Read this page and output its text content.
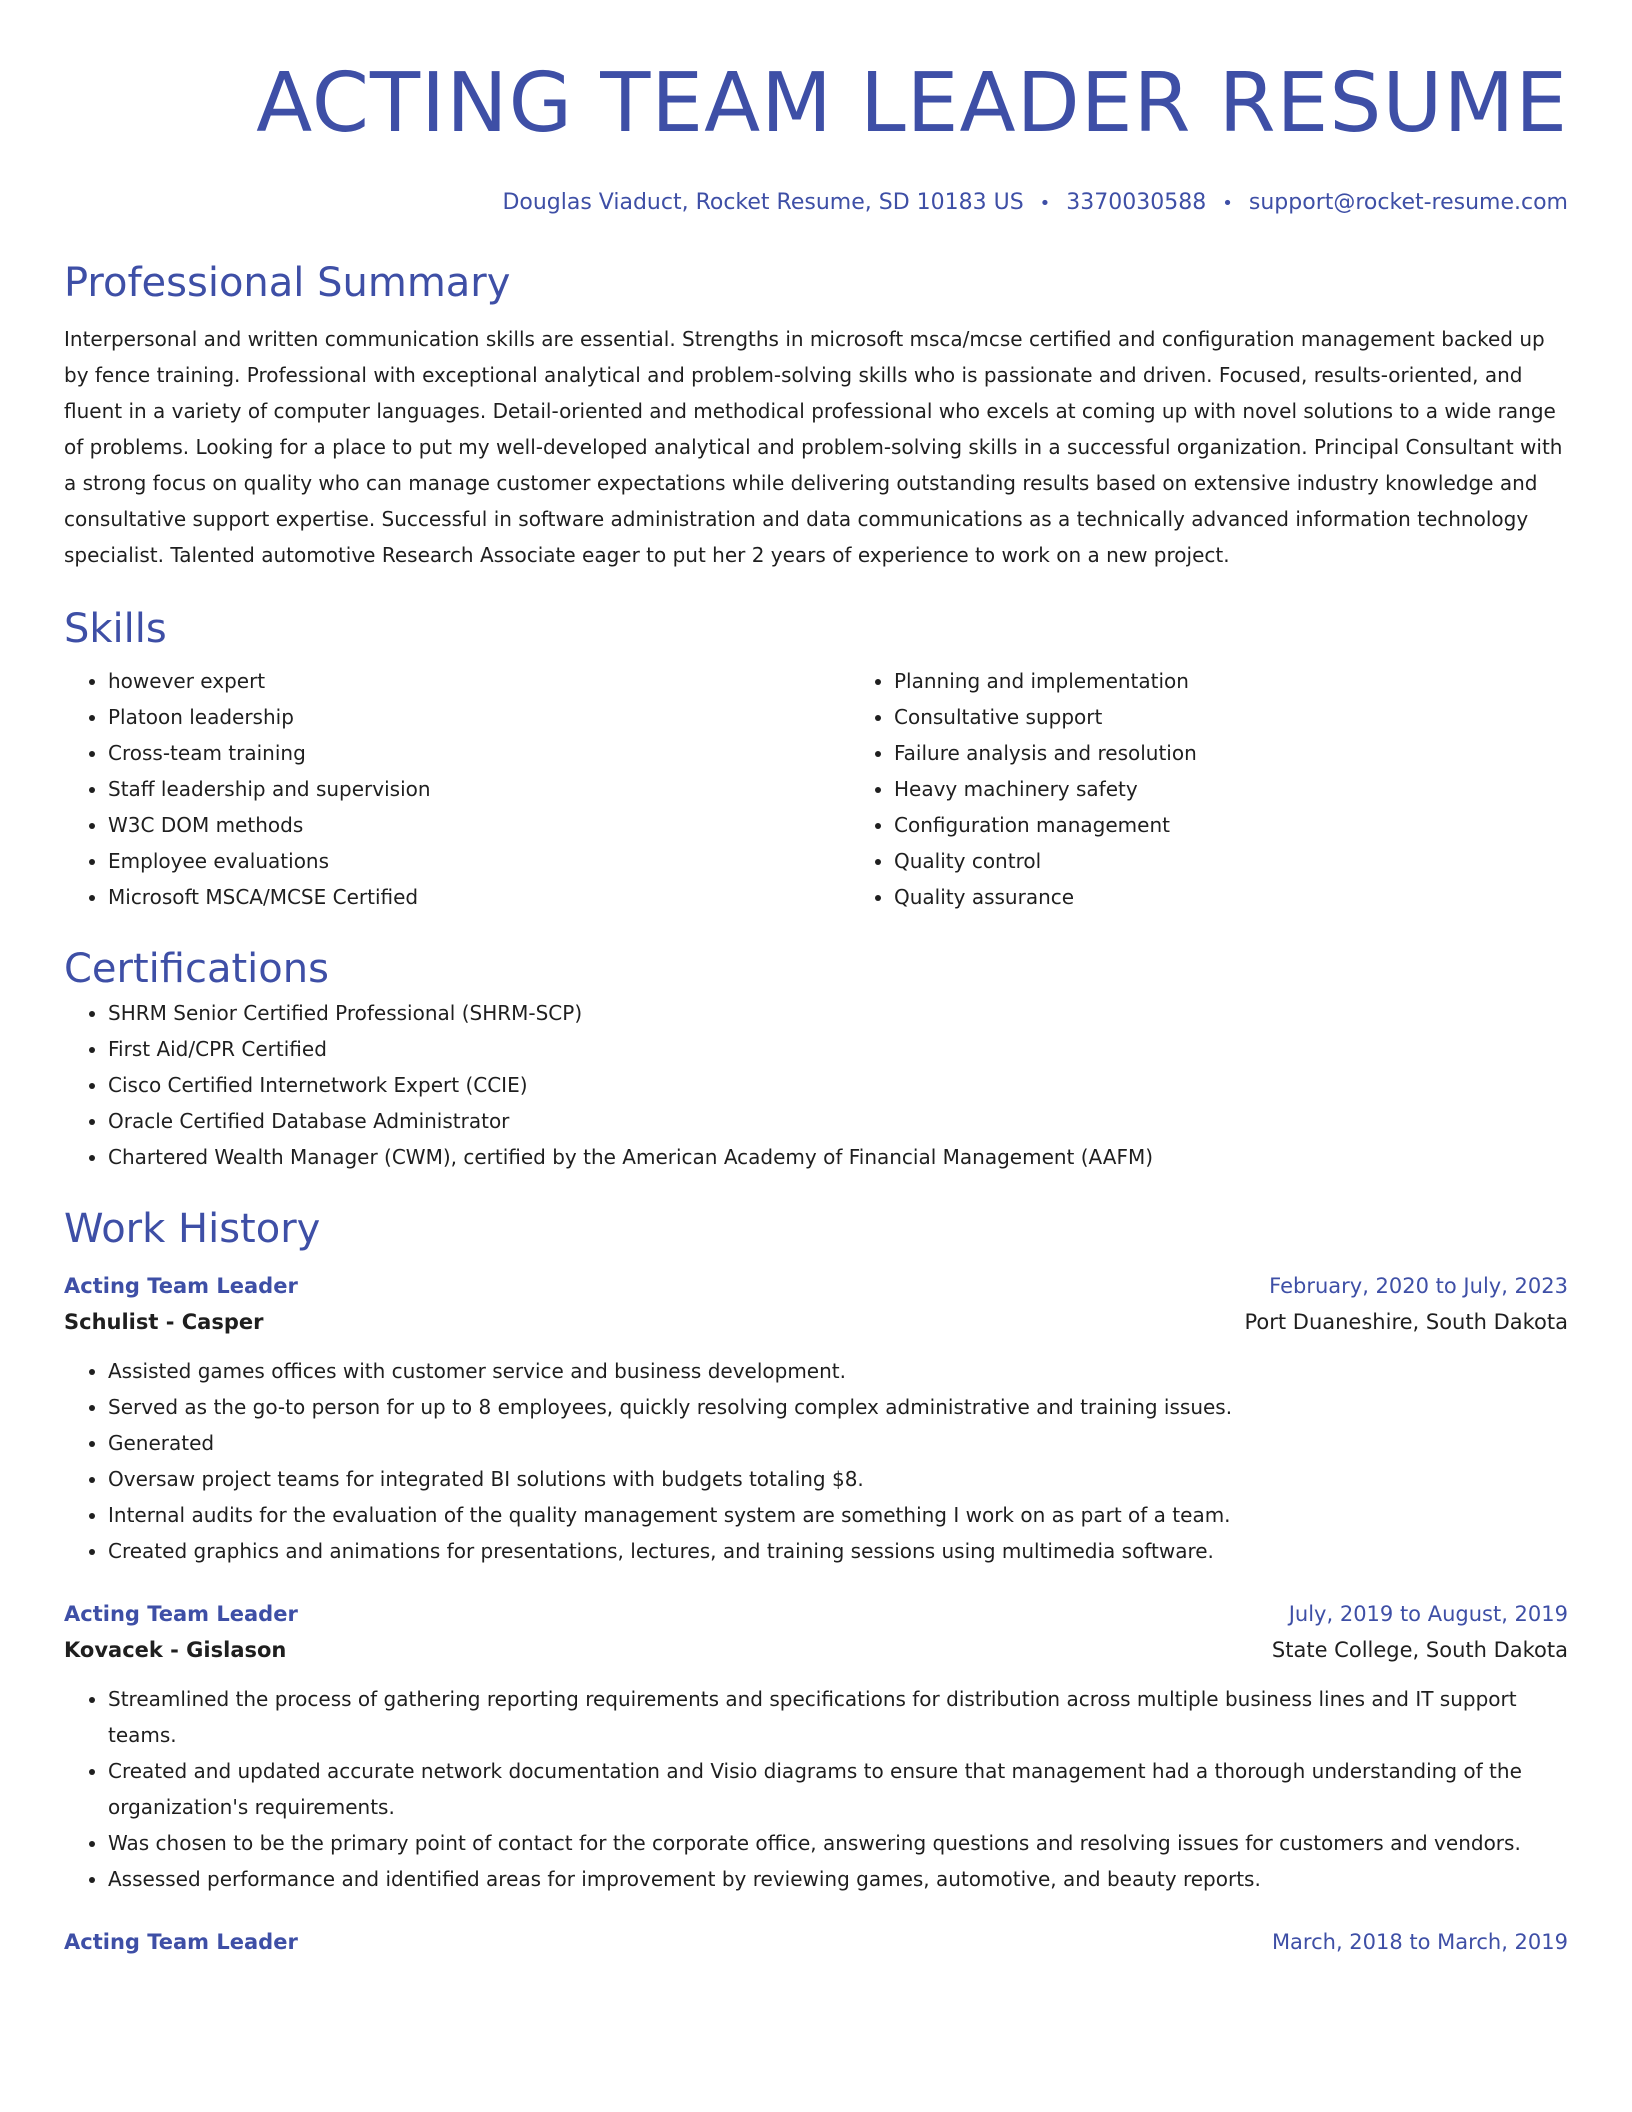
ACTING TEAM LEADER RESUME
Douglas Viaduct, Rocket Resume, SD 10183 US • 3370030588 • support@rocket-resume.com
Professional Summary
Interpersonal and written communication skills are essential. Strengths in microsoft msca/mcse certified and configuration management backed up by fence training. Professional with exceptional analytical and problem-solving skills who is passionate and driven. Focused, results-oriented, and fluent in a variety of computer languages. Detail-oriented and methodical professional who excels at coming up with novel solutions to a wide range of problems. Looking for a place to put my well-developed analytical and problem-solving skills in a successful organization. Principal Consultant with a strong focus on quality who can manage customer expectations while delivering outstanding results based on extensive industry knowledge and consultative support expertise. Successful in software administration and data communications as a technically advanced information technology specialist. Talented automotive Research Associate eager to put her 2 years of experience to work on a new project.
Skills
• however expert
• Platoon leadership
• Cross-team training
• Staff leadership and supervision
• W3C DOM methods
• Employee evaluations
• Microsoft MSCA/MCSE Certified
• Planning and implementation
• Consultative support
• Failure analysis and resolution
• Heavy machinery safety
• Configuration management
• Quality control
• Quality assurance
Certifications
• SHRM Senior Certified Professional (SHRM-SCP)
• First Aid/CPR Certified
• Cisco Certified Internetwork Expert (CCIE)
• Oracle Certified Database Administrator
• Chartered Wealth Manager (CWM), certified by the American Academy of Financial Management (AAFM)
Work History
Acting Team Leader	February, 2020 to July, 2023
Schulist - Casper	Port Duaneshire, South Dakota
• Assisted games offices with customer service and business development.
• Served as the go-to person for up to 8 employees, quickly resolving complex administrative and training issues.
• Generated
• Oversaw project teams for integrated BI solutions with budgets totaling $8.
• Internal audits for the evaluation of the quality management system are something I work on as part of a team.
• Created graphics and animations for presentations, lectures, and training sessions using multimedia software.
Acting Team Leader	July, 2019 to August, 2019
Kovacek - Gislason	State College, South Dakota
• Streamlined the process of gathering reporting requirements and specifications for distribution across multiple business lines and IT support teams.
• Created and updated accurate network documentation and Visio diagrams to ensure that management had a thorough understanding of the organization's requirements.
• Was chosen to be the primary point of contact for the corporate office, answering questions and resolving issues for customers and vendors.
• Assessed performance and identified areas for improvement by reviewing games, automotive, and beauty reports.
Acting Team Leader	March, 2018 to March, 2019
